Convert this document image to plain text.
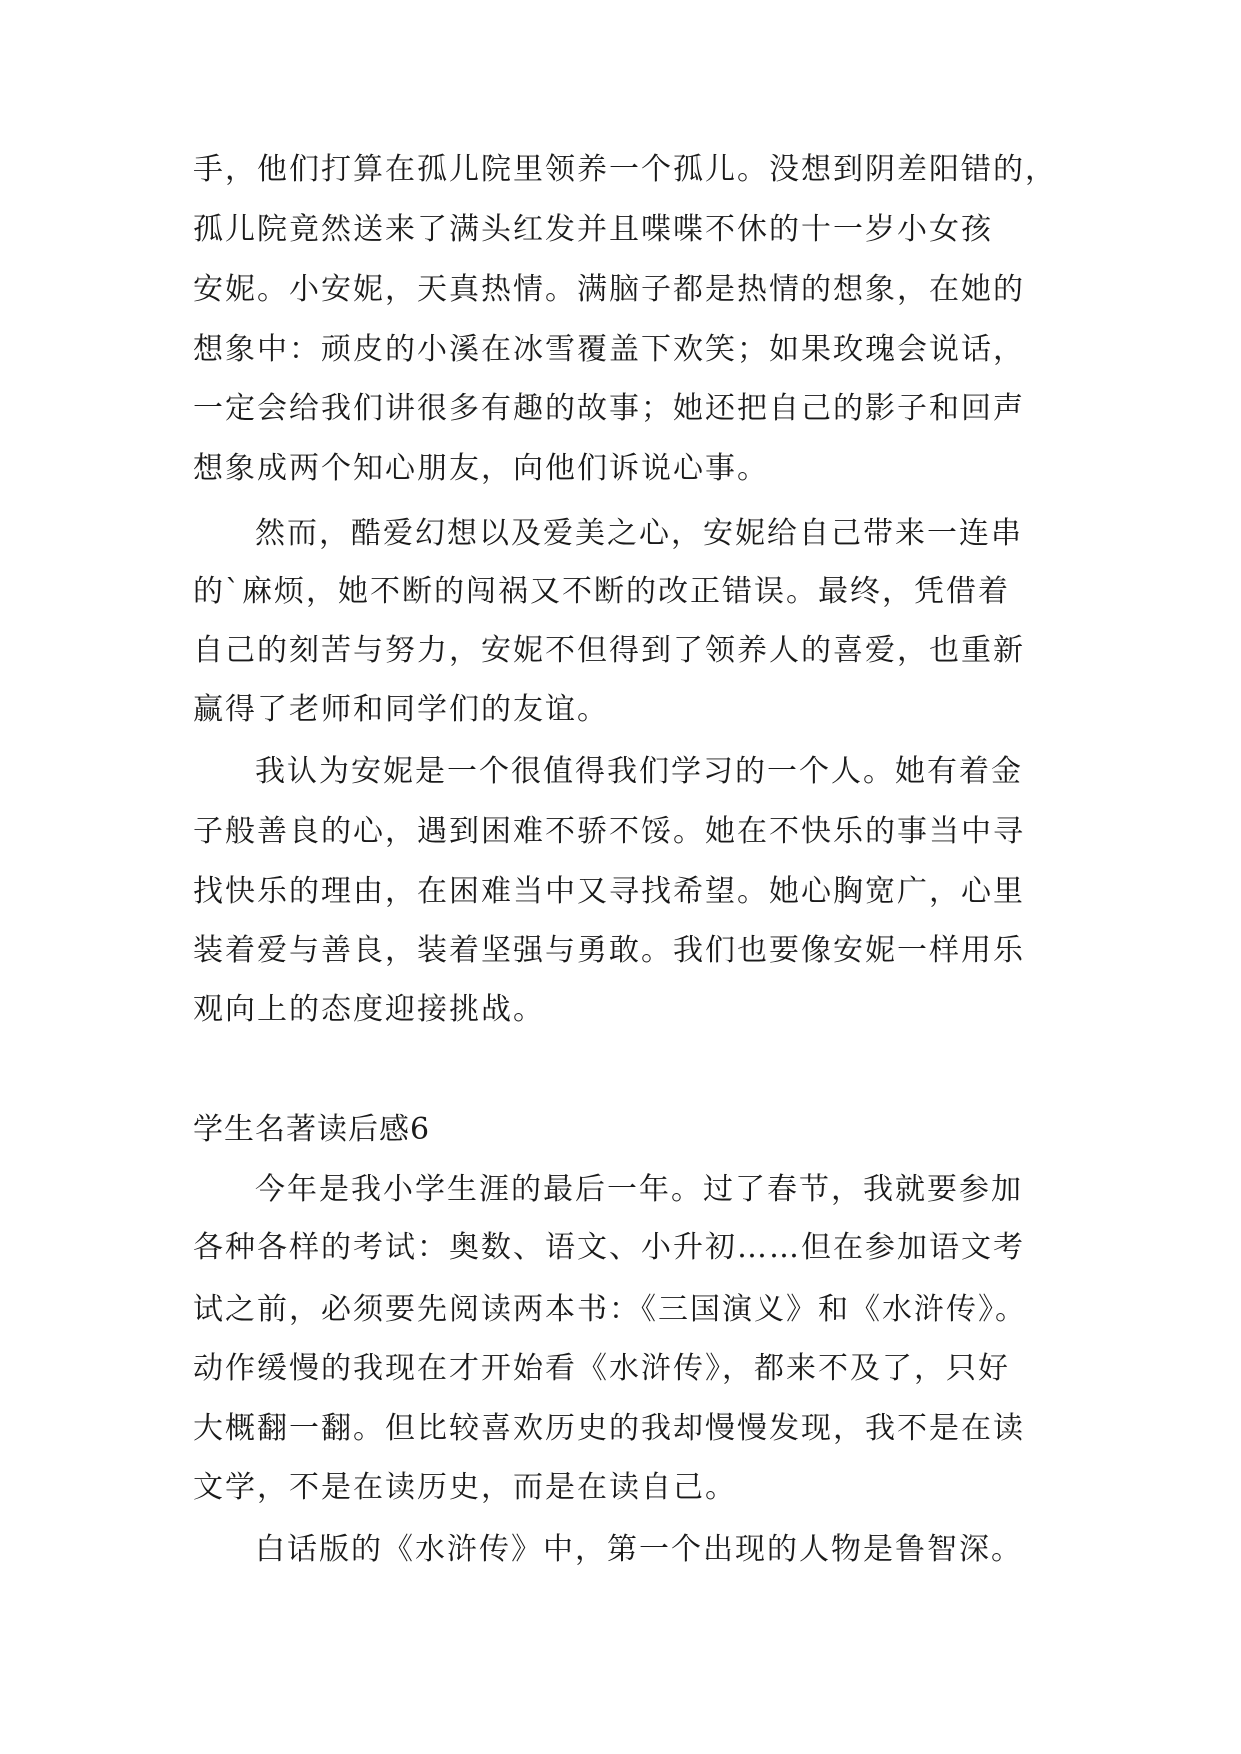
手，他们打算在孤儿院里领养一个孤儿。没想到阴差阳错的，
孤儿院竟然送来了满头红发并且喋喋不休的十一岁小女孩
安妮。小安妮，天真热情。满脑子都是热情的想象，在她的
想象中：顽皮的小溪在冰雪覆盖下欢笑；如果玫瑰会说话，
一定会给我们讲很多有趣的故事；她还把自己的影子和回声
想象成两个知心朋友，向他们诉说心事。
然而，酷爱幻想以及爱美之心，安妮给自己带来一连串
的`麻烦，她不断的闯祸又不断的改正错误。最终，凭借着
自己的刻苦与努力，安妮不但得到了领养人的喜爱，也重新
赢得了老师和同学们的友谊。
我认为安妮是一个很值得我们学习的一个人。她有着金
子般善良的心，遇到困难不骄不馁。她在不快乐的事当中寻
找快乐的理由，在困难当中又寻找希望。她心胸宽广，心里
装着爱与善良，装着坚强与勇敢。我们也要像安妮一样用乐
观向上的态度迎接挑战。
学生名著读后感6
今年是我小学生涯的最后一年。过了春节，我就要参加
各种各样的考试：奥数、语文、小升初……但在参加语文考
试之前，必须要先阅读两本书：《三国演义》和《水浒传》。
动作缓慢的我现在才开始看《水浒传》，都来不及了，只好
大概翻一翻。但比较喜欢历史的我却慢慢发现，我不是在读
文学，不是在读历史，而是在读自己。
白话版的《水浒传》中，第一个出现的人物是鲁智深。
